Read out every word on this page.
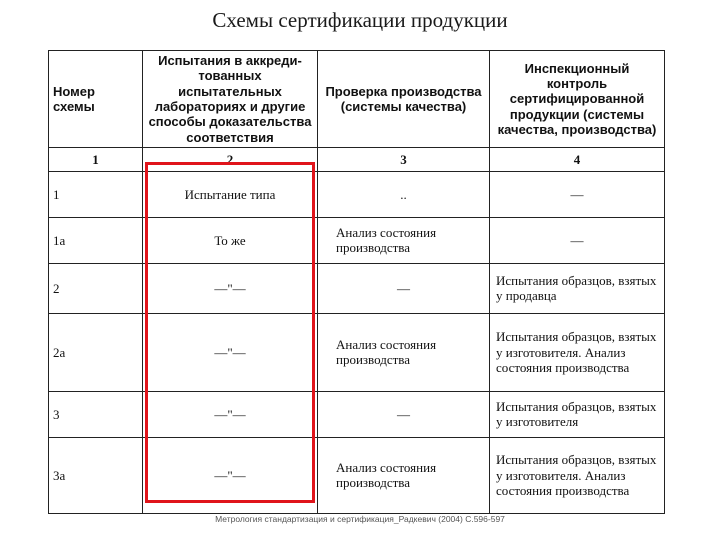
Схемы сертификации продукции
Номер схемы	Испытания в аккреди-тованных испытательных лабораториях и другие способы доказательства соответствия	Проверка производства (системы качества)	Инспекционный контроль сертифицированной продукции (системы качества, производства)
1	2	3	4
1	Испытание типа	..	—
1а	То же	Анализ состояния производства	—
2	—"—	—	Испытания образцов, взятых у продавца

2а	—"—	Анализ состояния производства	Испытания образцов, взятых у изготовителя. Анализ состояния производства

3	—"—	—	Испытания образцов, взятых у изготовителя

3а	—"—	Анализ состояния производства	Испытания образцов, взятых у изготовителя. Анализ состояния производства
Метрология стандартизация и сертификация_Радкевич (2004) С.596-597
